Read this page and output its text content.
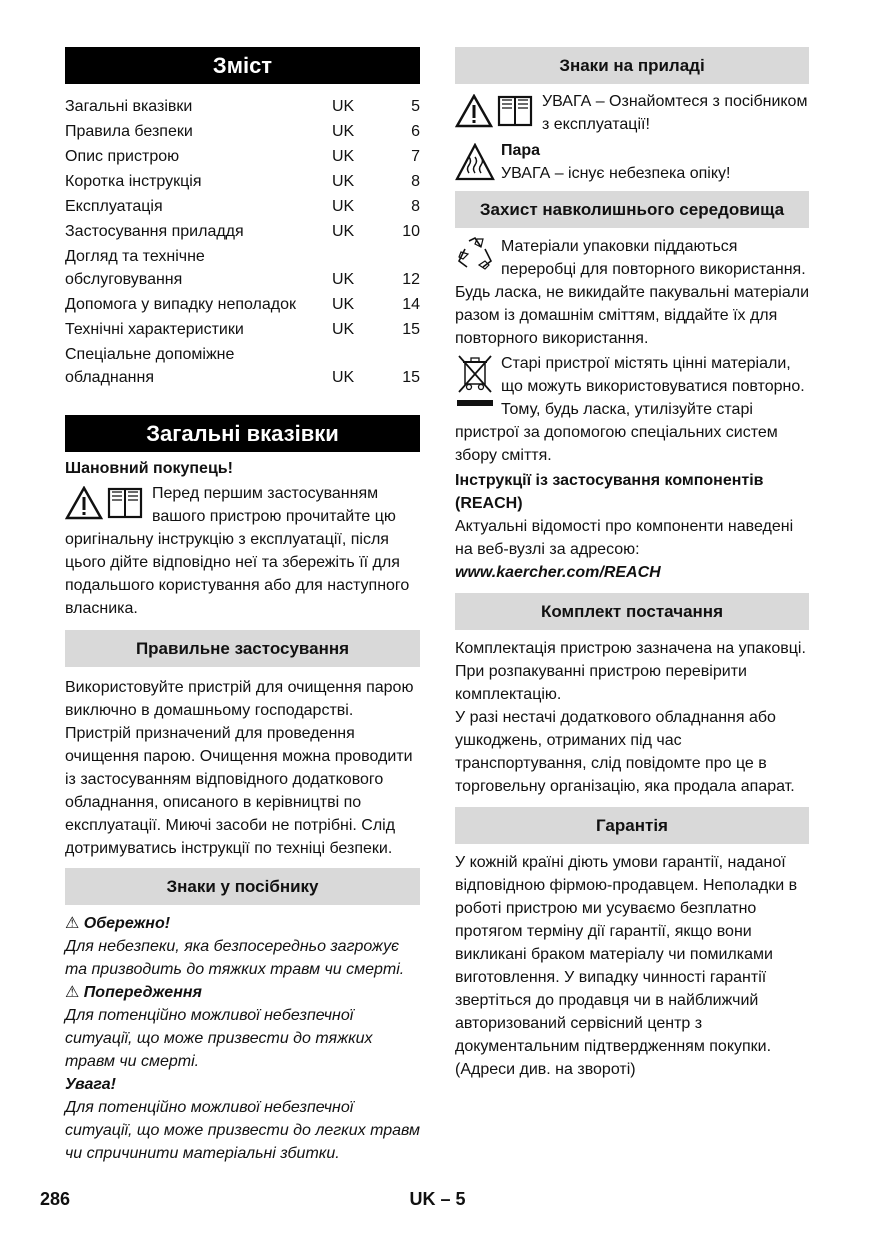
Зміст
Загальні вказівки	UK	5
Правила безпеки	UK	6
Опис пристрою	UK	7
Коротка інструкція	UK	8
Експлуатація	UK	8
Застосування приладдя	UK	10
Догляд та технічне обслуговування	UK	12
Допомога у випадку неполадок	UK	14
Технічні характеристики	UK	15
Спеціальне допоміжне обладнання	UK	15
Загальні вказівки

Шановний покупець!

Перед першим застосуванням вашого пристрою прочитайте цю оригінальну інструкцію з експлуатації, після цього дійте відповідно неї та збережіть її для подальшого користування або для наступного власника.

Правильне застосування

Використовуйте пристрій для очищення парою виключно в домашньому господарстві. Пристрій призначений для проведення очищення парою. Очищення можна проводити із застосуванням відповідного додаткового обладнання, описаного в керівництві по експлуатації. Миючі засоби не потрібні. Слід дотримуватись інструкції по техніці безпеки.

Знаки у посібнику

⚠ Обережно!

Для небезпеки, яка безпосередньо загрожує та призводить до тяжких травм чи смерті.

⚠ Попередження

Для потенційно можливої небезпечної ситуації, що може призвести до тяжких травм чи смерті.

Увага!

Для потенційно можливої небезпечної ситуації, що може призвести до легких травм чи спричинити матеріальні збитки.

Знаки на приладі

УВАГА – Ознайомтеся з посібником з експлуатації!

Пара

УВАГА – існує небезпека опіку!

Захист навколишнього середовища

Матеріали упаковки піддаються переробці для повторного використання. Будь ласка, не викидайте пакувальні матеріали разом із домашнім сміттям, віддайте їх для повторного використання.

Старі пристрої містять цінні матеріали, що можуть використовуватися повторно. Тому, будь ласка, утилізуйте старі пристрої за допомогою спеціальних систем збору сміття.

Інструкції із застосування компонентів (REACH)

Актуальні відомості про компоненти наведені на веб-вузлі за адресою:

www.kaercher.com/REACH

Комплект постачання

Комплектація пристрою зазначена на упаковці. При розпакуванні пристрою перевірити комплектацію.

У разі нестачі додаткового обладнання або ушкоджень, отриманих під час транспортування, слід повідомте про це в торговельну організацію, яка продала апарат.

Гарантія

У кожній країні діють умови гарантії, наданої відповідною фірмою-продавцем. Неполадки в роботі пристрою ми усуваємо безплатно протягом терміну дії гарантії, якщо вони викликані браком матеріалу чи помилками виготовлення. У випадку чинності гарантії звертіться до продавця чи в найближчий авторизований сервісний центр з документальним підтвердженням покупки. (Адреси див. на звороті)

286	UK – 5
